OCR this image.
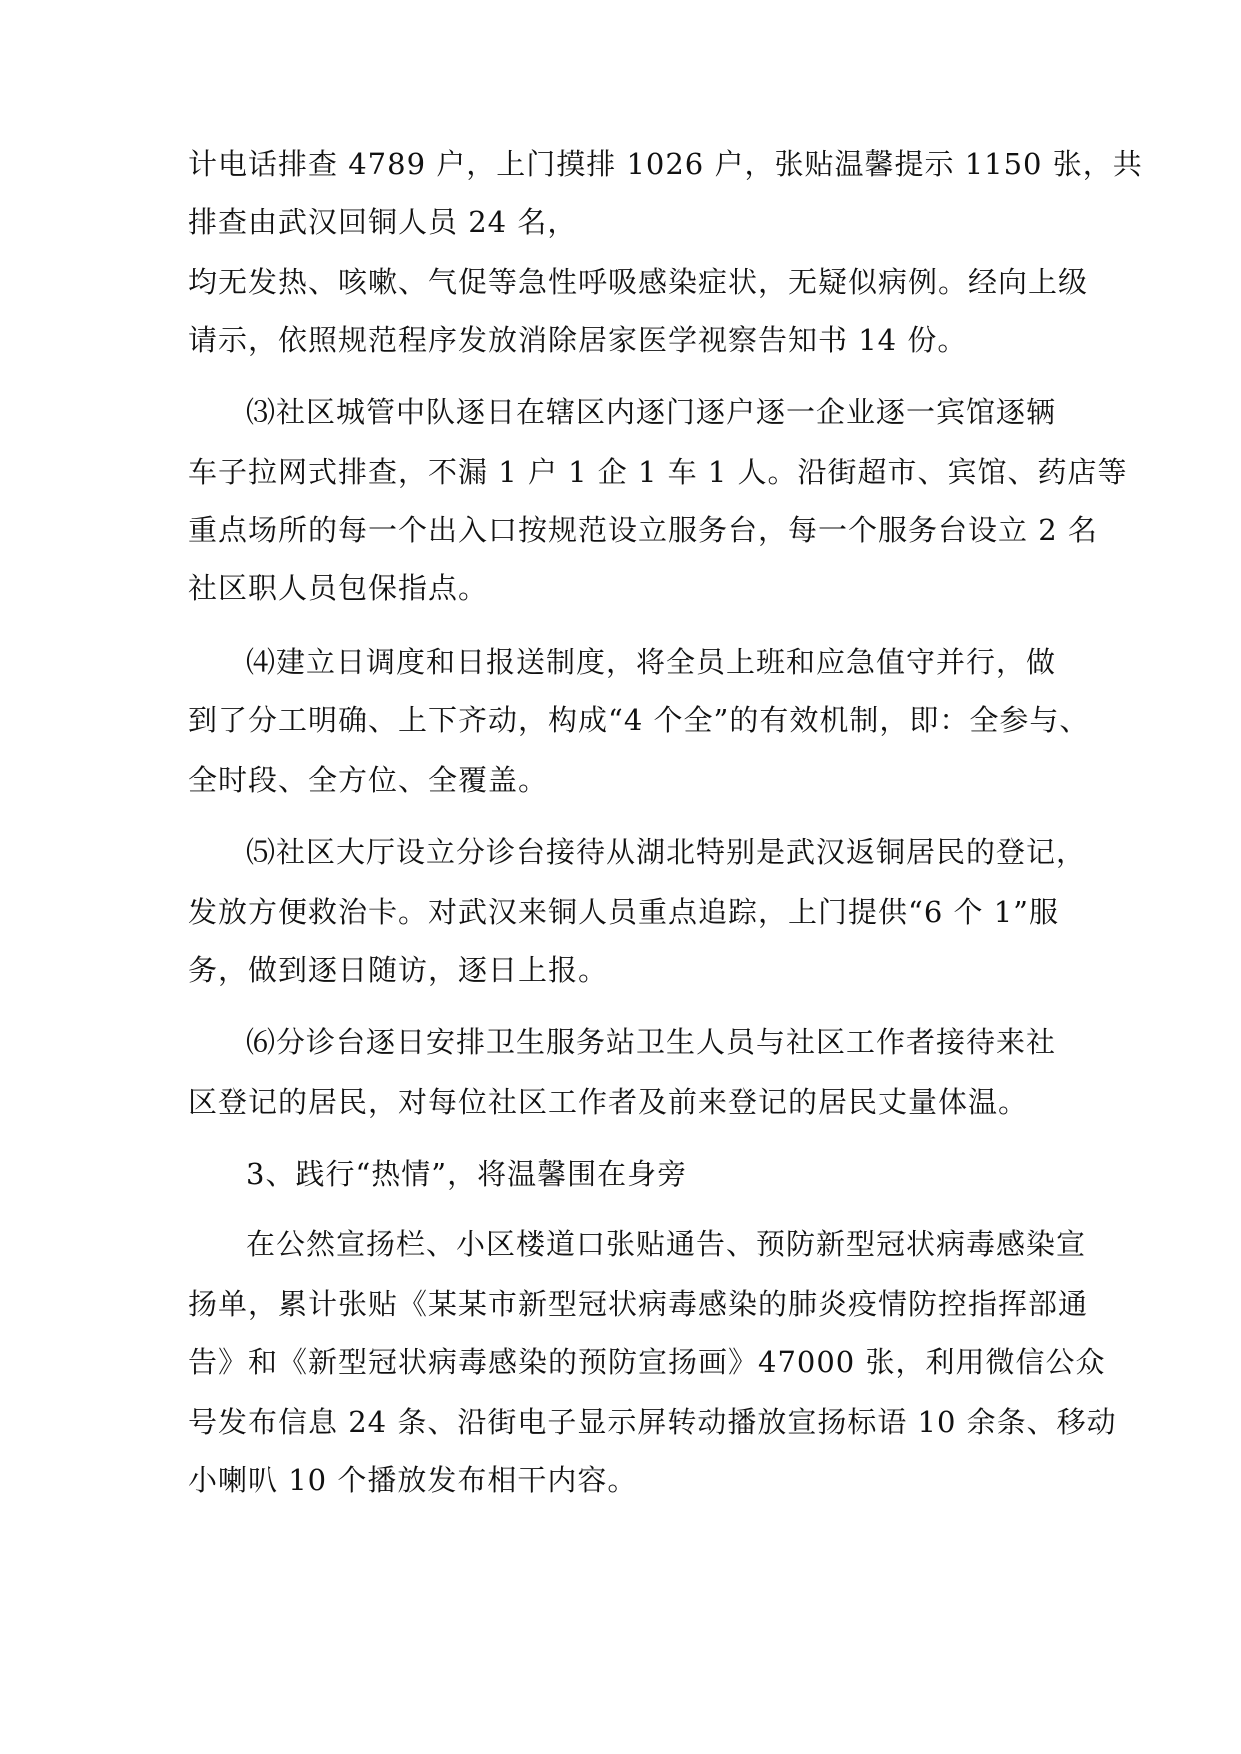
计电话排查 4789 户，上门摸排 1026 户，张贴温馨提示 1150 张，共
排查由武汉回铜人员 24 名，
均无发热、咳嗽、气促等急性呼吸感染症状，无疑似病例。经向上级
请示，依照规范程序发放消除居家医学视察告知书 14 份。
⑶社区城管中队逐日在辖区内逐门逐户逐一企业逐一宾馆逐辆
车子拉网式排查，不漏 1 户 1 企 1 车 1 人。沿街超市、宾馆、药店等
重点场所的每一个出入口按规范设立服务台，每一个服务台设立 2 名
社区职人员包保指点。
⑷建立日调度和日报送制度，将全员上班和应急值守并行，做
到了分工明确、上下齐动，构成“4 个全”的有效机制，即：全参与、
全时段、全方位、全覆盖。
⑸社区大厅设立分诊台接待从湖北特别是武汉返铜居民的登记，
发放方便救治卡。对武汉来铜人员重点追踪，上门提供“6 个 1”服
务，做到逐日随访，逐日上报。
⑹分诊台逐日安排卫生服务站卫生人员与社区工作者接待来社
区登记的居民，对每位社区工作者及前来登记的居民丈量体温。
3、践行“热情”，将温馨围在身旁
在公然宣扬栏、小区楼道口张贴通告、预防新型冠状病毒感染宣
扬单，累计张贴《某某市新型冠状病毒感染的肺炎疫情防控指挥部通
告》和《新型冠状病毒感染的预防宣扬画》47000 张，利用微信公众
号发布信息 24 条、沿街电子显示屏转动播放宣扬标语 10 余条、移动
小喇叭 10 个播放发布相干内容。
